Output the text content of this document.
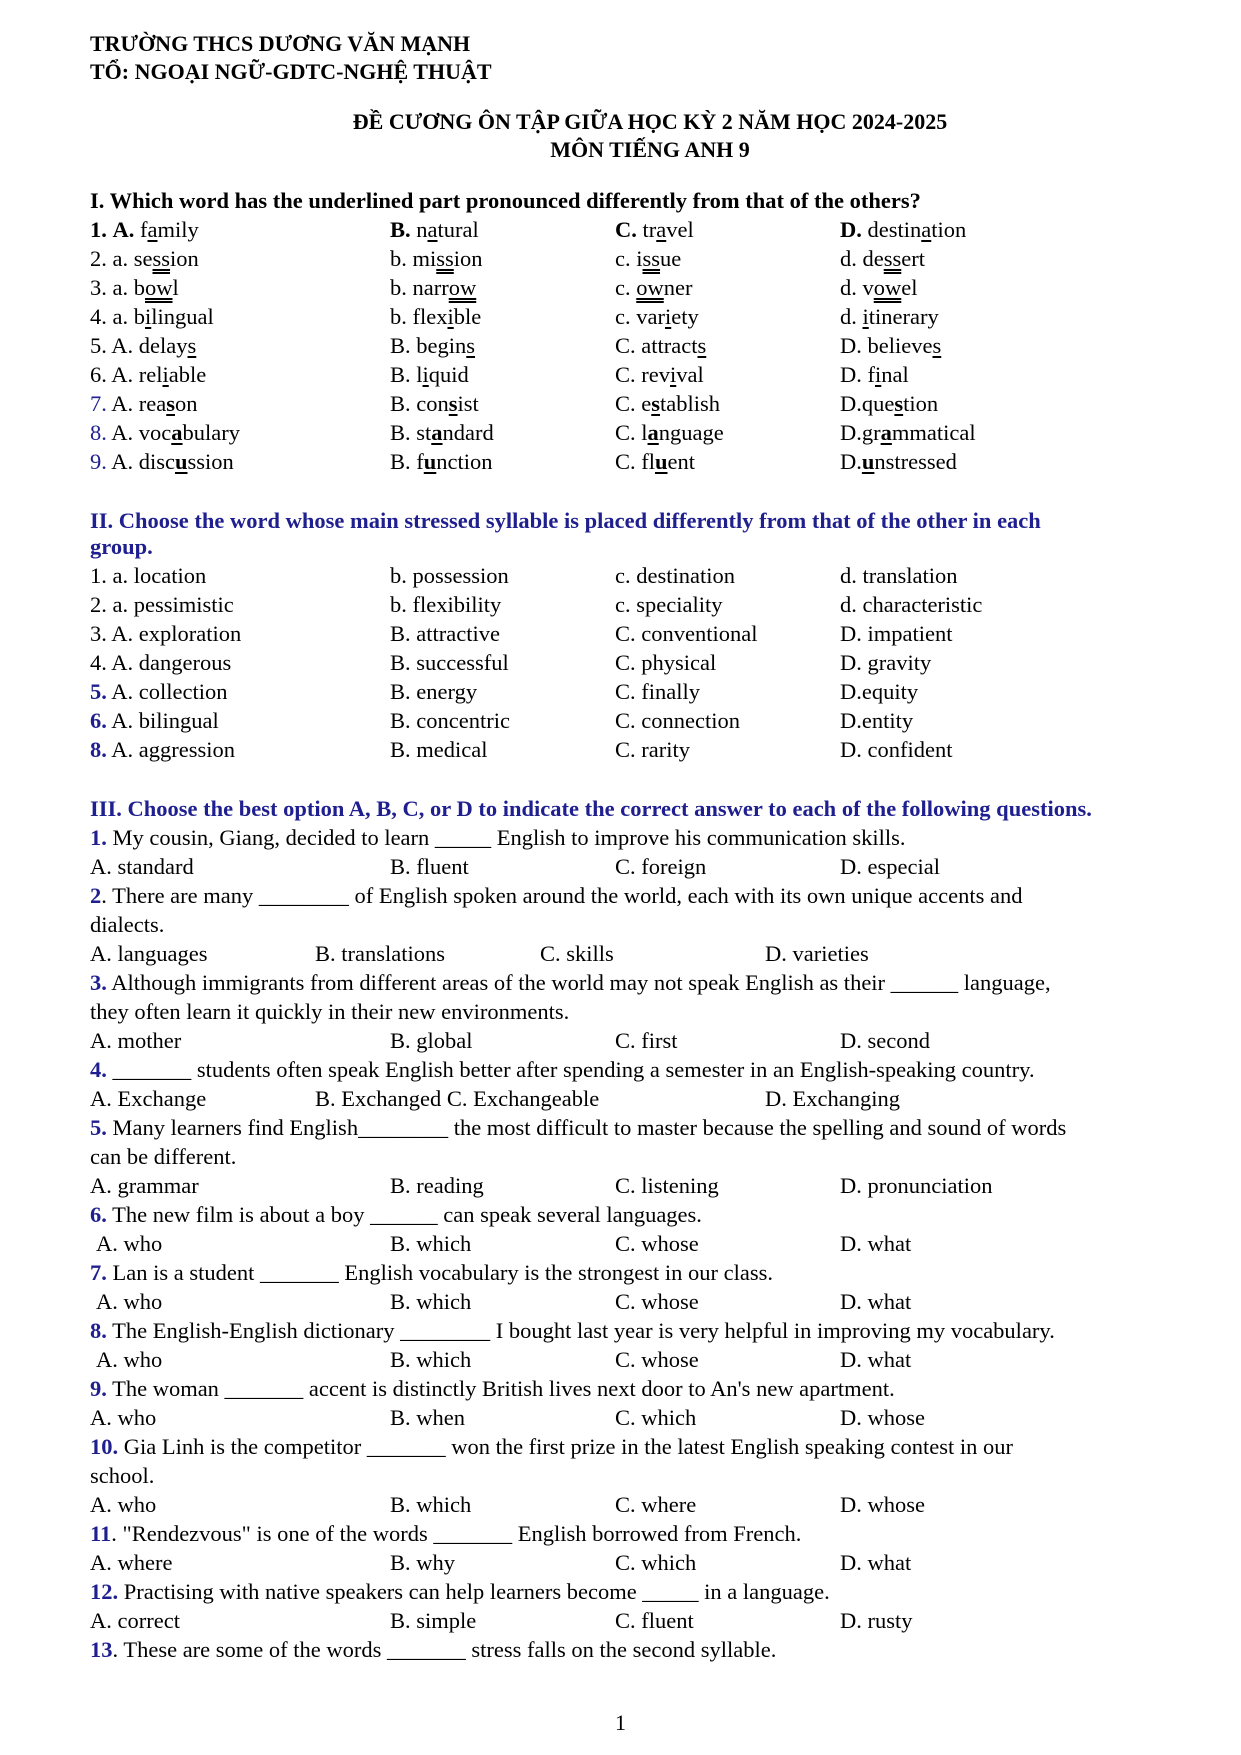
TRƯỜNG THCS DƯƠNG VĂN MẠNH
TỔ: NGOẠI NGỮ-GDTC-NGHỆ THUẬT
ĐỀ CƯƠNG ÔN TẬP GIỮA HỌC KỲ 2 NĂM HỌC 2024-2025
MÔN TIẾNG ANH 9
I. Which word has the underlined part pronounced differently from that of the others?
1. A. family	B. natural	C. travel	D. destination
2. a. session	b. mission	c. issue	d. dessert
3. a. bowl	b. narrow	c. owner	d. vowel
4. a. bilingual	b. flexible	c. variety	d. itinerary
5. A. delays	B. begins	C. attracts	D. believes
6. A. reliable	B. liquid	C. revival	D. final
7. A. reason	B. consist	C. establish	D.question
8. A. vocabulary	B. standard	C. language	D.grammatical
9. A. discussion	B. function	C. fluent	D.unstressed
II. Choose the word whose main stressed syllable is placed differently from that of the other in each
group.
1. a. location	b. possession	c. destination	d. translation
2. a. pessimistic	b. flexibility	c. speciality	d. characteristic
3. A. exploration	B. attractive	C. conventional	D. impatient
4. A. dangerous	B. successful	C. physical	D. gravity
5. A. collection	B. energy	C. finally	D.equity
6. A. bilingual	B. concentric	C. connection	D.entity
8. A. aggression	B. medical	C. rarity	D. confident
III. Choose the best option A, B, C, or D to indicate the correct answer to each of the following questions.
1. My cousin, Giang, decided to learn _____ English to improve his communication skills.
A. standard	B. fluent	C. foreign	D. especial
2. There are many ________ of English spoken around the world, each with its own unique accents and
dialects.
A. languages	B. translations	C. skills	D. varieties
3. Although immigrants from different areas of the world may not speak English as their ______ language,
they often learn it quickly in their new environments.
A. mother	B. global	C. first	D. second
4. _______ students often speak English better after spending a semester in an English-speaking country.
A. Exchange	B. Exchanged C. Exchangeable	D. Exchanging
5. Many learners find English________ the most difficult to master because the spelling and sound of words
can be different.
A. grammar	B. reading	C. listening	D. pronunciation
6. The new film is about a boy ______ can speak several languages.
A. who	B. which	C. whose	D. what
7. Lan is a student _______ English vocabulary is the strongest in our class.
A. who	B. which	C. whose	D. what
8. The English-English dictionary ________ I bought last year is very helpful in improving my vocabulary.
A. who	B. which	C. whose	D. what
9. The woman _______ accent is distinctly British lives next door to An's new apartment.
A. who	B. when	C. which	D. whose
10. Gia Linh is the competitor _______ won the first prize in the latest English speaking contest in our
school.
A. who	B. which	C. where	D. whose
11. "Rendezvous" is one of the words _______ English borrowed from French.
A. where	B. why	C. which	D. what
12. Practising with native speakers can help learners become _____ in a language.
A. correct	B. simple	C. fluent	D. rusty
13. These are some of the words _______ stress falls on the second syllable.
1
